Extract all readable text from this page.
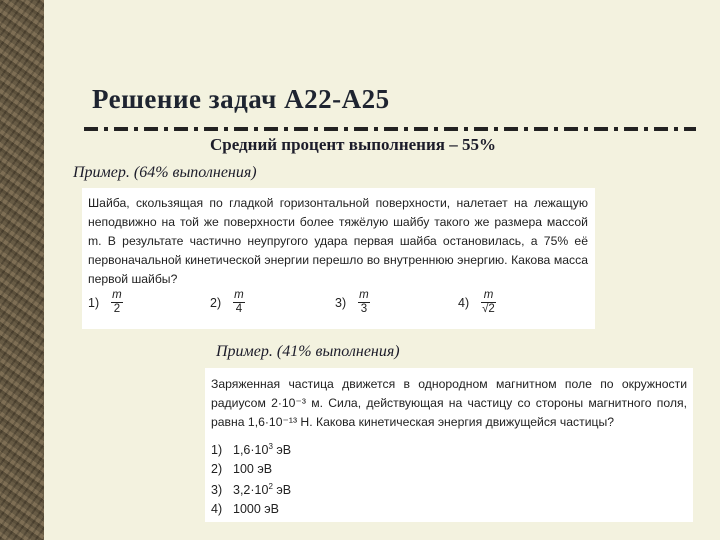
Решение задач А22-А25
Средний процент выполнения – 55%
Пример. (64% выполнения)

Шайба, скользящая по гладкой горизонтальной поверхности, налетает на лежащую неподвижно на той же поверхности более тяжёлую шайбу такого же размера массой m. В результате частично неупругого удара первая шайба остановилась, а 75% её первоначальной кинетической энергии перешло во внутреннюю энергию. Какова масса первой шайбы?

$1) \frac{m}{2}$	$2) \frac{m}{4}$	$3) \frac{m}{3}$	$4) \frac{m}{√2}$
Пример. (41% выполнения)

Заряженная частица движется в однородном магнитном поле по окружности радиусом 2·10⁻³ м. Сила, действующая на частицу со стороны магнитного поля, равна 1,6·10⁻¹³ Н. Какова кинетическая энергия движущейся частицы?

1) $1,6\cdot 10^3$ эВ
2) 100 эВ
3) $3,2\cdot 10^2$ эВ
4) 1000 эВ
